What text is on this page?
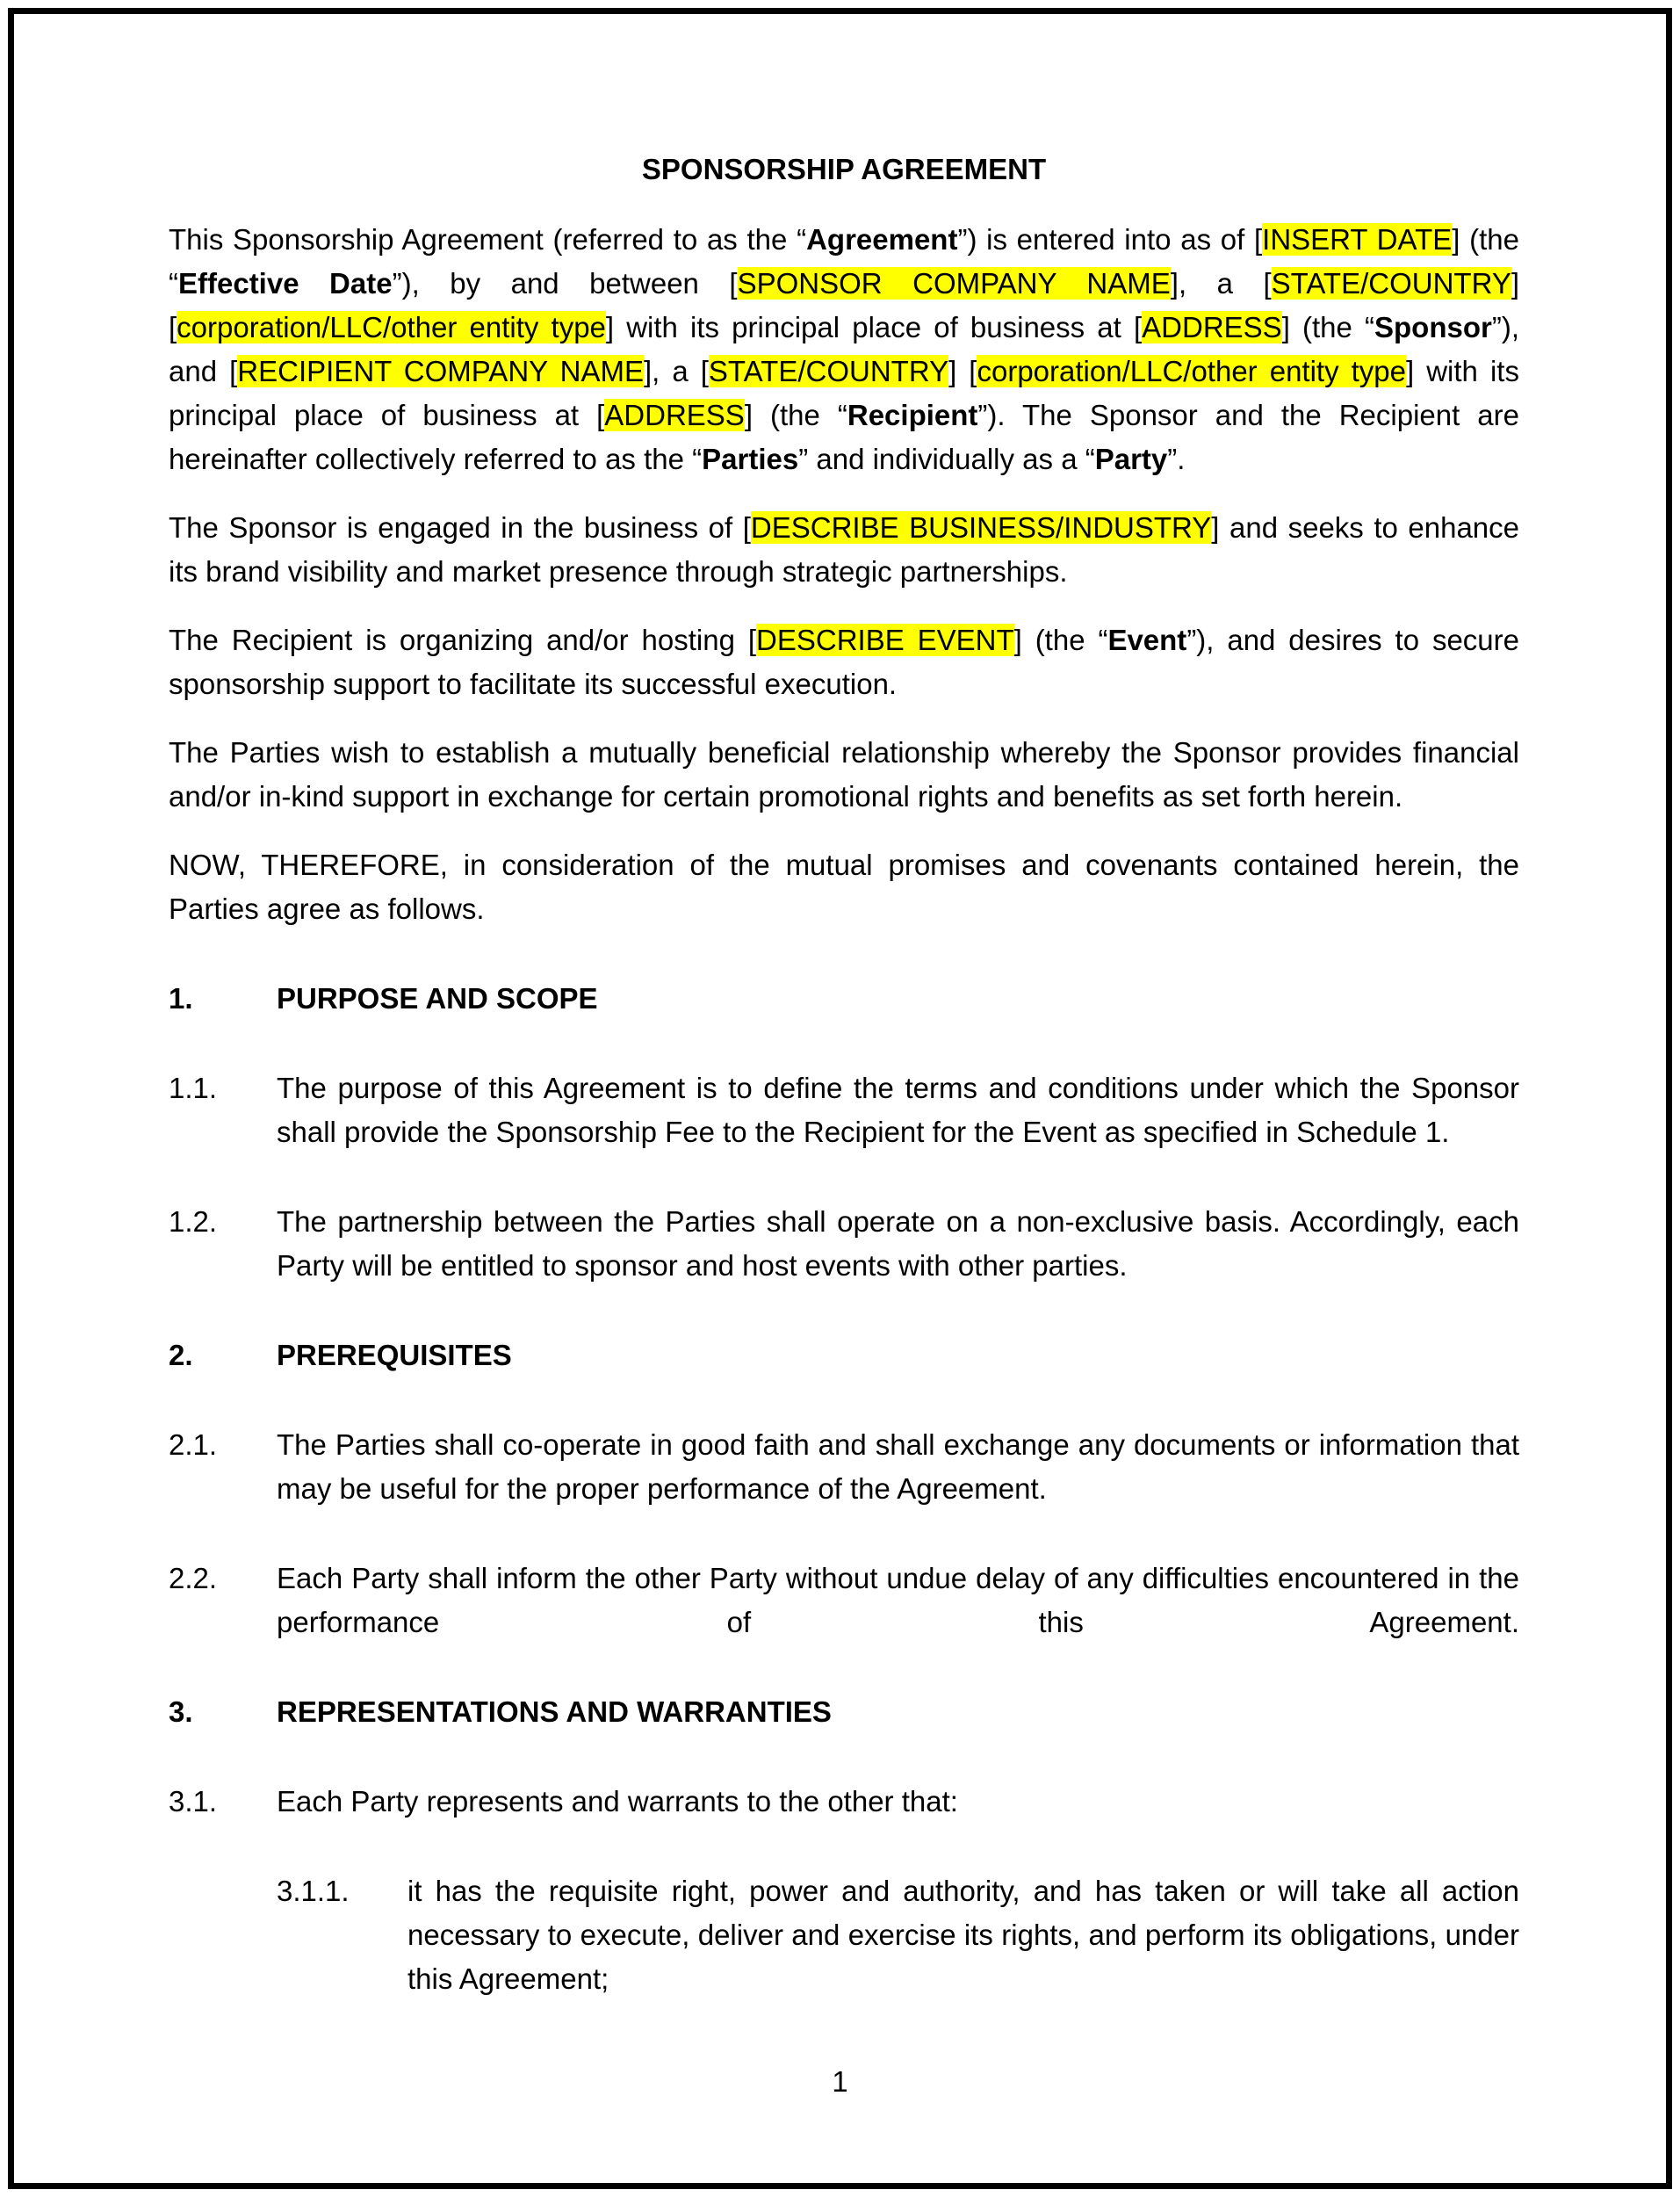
SPONSORSHIP AGREEMENT
This Sponsorship Agreement (referred to as the “Agreement”) is entered into as of [INSERT DATE] (the “Effective Date”), by and between [SPONSOR COMPANY NAME], a [STATE/COUNTRY] [corporation/LLC/other entity type] with its principal place of business at [ADDRESS] (the “Sponsor”), and [RECIPIENT COMPANY NAME], a [STATE/COUNTRY] [corporation/LLC/other entity type] with its principal place of business at [ADDRESS] (the “Recipient”). The Sponsor and the Recipient are hereinafter collectively referred to as the “Parties” and individually as a “Party”.
The Sponsor is engaged in the business of [DESCRIBE BUSINESS/INDUSTRY] and seeks to enhance its brand visibility and market presence through strategic partnerships.
The Recipient is organizing and/or hosting [DESCRIBE EVENT] (the “Event”), and desires to secure sponsorship support to facilitate its successful execution.
The Parties wish to establish a mutually beneficial relationship whereby the Sponsor provides financial and/or in-kind support in exchange for certain promotional rights and benefits as set forth herein.
NOW, THEREFORE, in consideration of the mutual promises and covenants contained herein, the Parties agree as follows.
1.	PURPOSE AND SCOPE
1.1. The purpose of this Agreement is to define the terms and conditions under which the Sponsor shall provide the Sponsorship Fee to the Recipient for the Event as specified in Schedule 1.
1.2. The partnership between the Parties shall operate on a non-exclusive basis. Accordingly, each Party will be entitled to sponsor and host events with other parties.
2.	PREREQUISITES
2.1. The Parties shall co-operate in good faith and shall exchange any documents or information that may be useful for the proper performance of the Agreement.
2.2. Each Party shall inform the other Party without undue delay of any difficulties encountered in the performance of this Agreement.
3.	REPRESENTATIONS AND WARRANTIES
3.1. Each Party represents and warrants to the other that:
3.1.1. it has the requisite right, power and authority, and has taken or will take all action necessary to execute, deliver and exercise its rights, and perform its obligations, under this Agreement;
1
